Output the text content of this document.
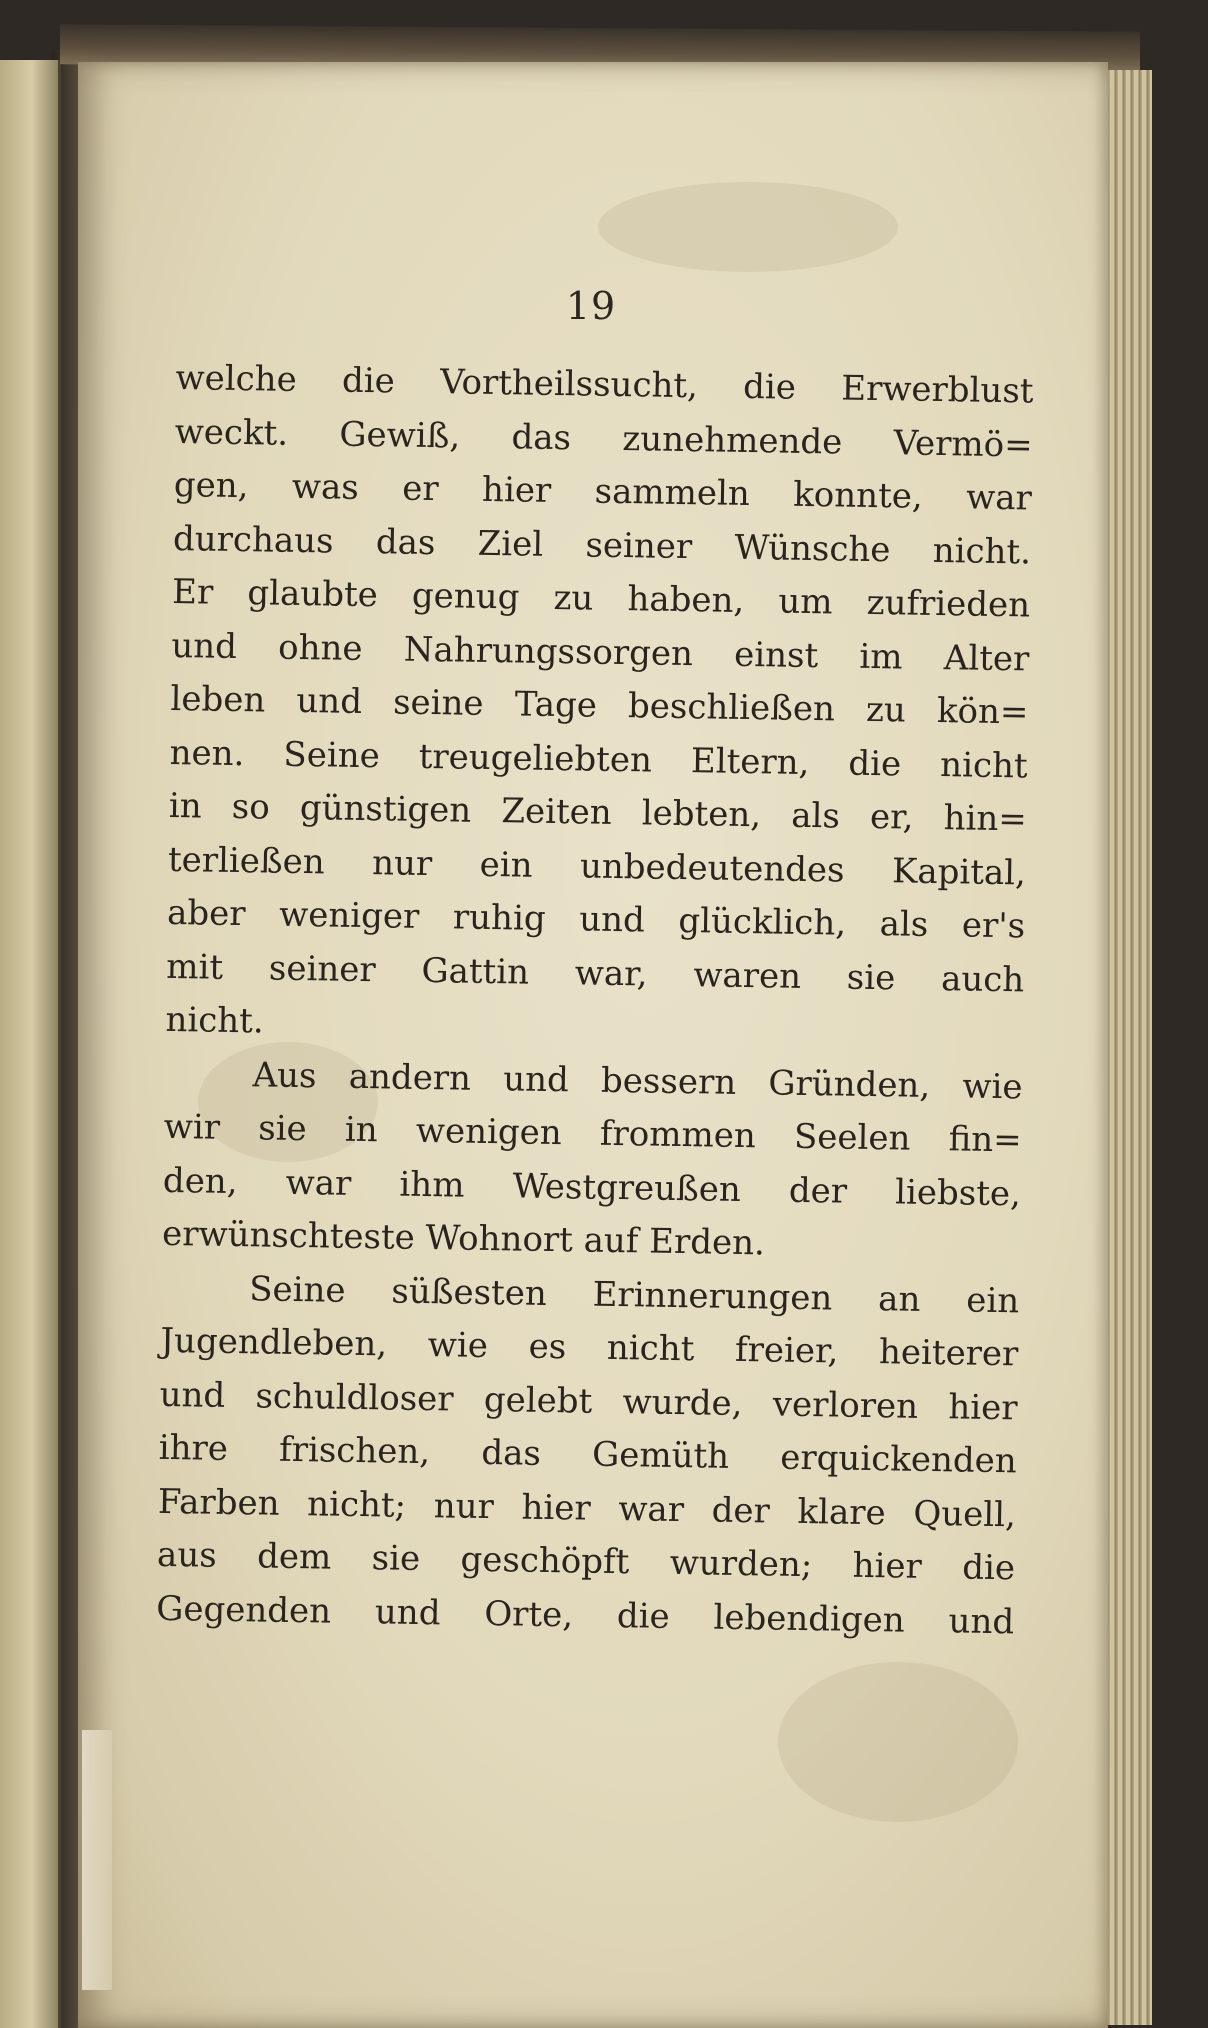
19
welche die Vortheilssucht, die Erwerblust
weckt. Gewiß, das zunehmende Vermö=
gen, was er hier sammeln konnte, war
durchaus das Ziel seiner Wünsche nicht.
Er glaubte genug zu haben, um zufrieden
und ohne Nahrungssorgen einst im Alter
leben und seine Tage beschließen zu kön=
nen. Seine treugeliebten Eltern, die nicht
in so günstigen Zeiten lebten, als er, hin=
terließen nur ein unbedeutendes Kapital,
aber weniger ruhig und glücklich, als er's
mit seiner Gattin war, waren sie auch
nicht.
Aus andern und bessern Gründen, wie
wir sie in wenigen frommen Seelen fin=
den, war ihm Westgreußen der liebste,
erwünschteste Wohnort auf Erden.
Seine süßesten Erinnerungen an ein
Jugendleben, wie es nicht freier, heiterer
und schuldloser gelebt wurde, verloren hier
ihre frischen, das Gemüth erquickenden
Farben nicht; nur hier war der klare Quell,
aus dem sie geschöpft wurden; hier die
Gegenden und Orte, die lebendigen und
